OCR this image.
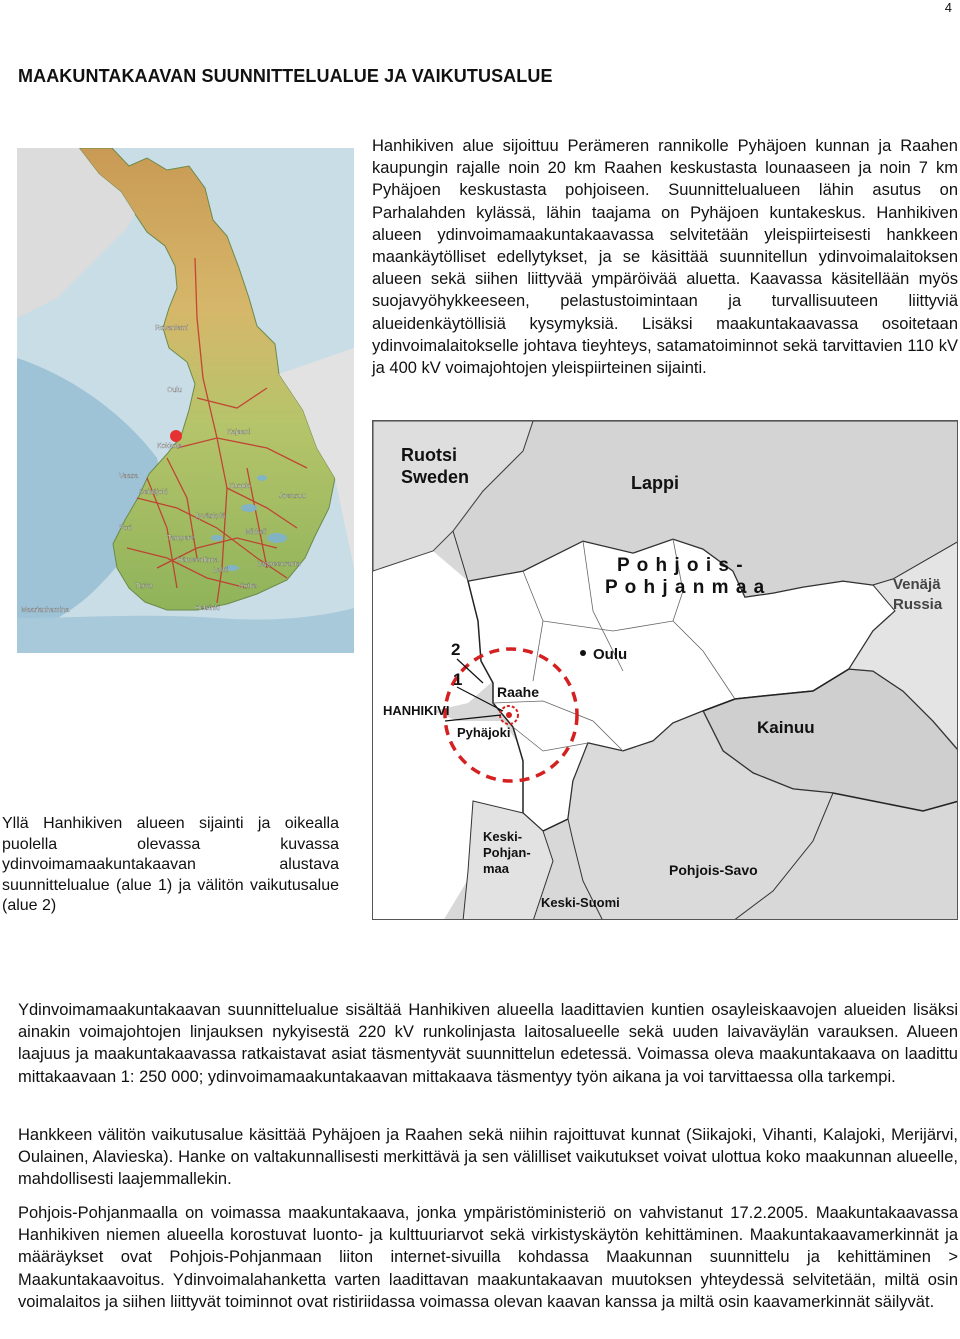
4
MAAKUNTAKAAVAN SUUNNITTELUALUE JA VAIKUTUSALUE

Hanhikiven alue sijoittuu Perämeren rannikolle Pyhäjoen kunnan ja Raahen kaupungin rajalle noin 20 km Raahen keskustasta lounaaseen ja noin 7 km Pyhäjoen keskustasta pohjoiseen. Suunnittelualueen lähin asutus on Parhalahden kylässä, lähin taajama on Pyhäjoen kuntakeskus. Hanhikiven alueen ydinvoimamaakuntakaavassa selvitetään yleispiirteisesti hankkeen maankäytölliset edellytykset, ja se käsittää suunnitellun ydinvoimalaitoksen alueen sekä siihen liittyvää ympäröivää aluetta. Kaavassa käsitellään myös suojavyöhykkeeseen, pelastustoimintaan ja turvallisuuteen liittyviä alueidenkäytöllisiä kysymyksiä. Lisäksi maakuntakaavassa osoitetaan ydinvoimalaitokselle johtava tieyhteys, satamatoiminnot sekä tarvittavien 110 kV ja 400 kV voimajohtojen yleispiirteinen sijainti.

Rovaniemi
Oulu
Kajaani
Kokkola
Vaasa
Kuopio
Seinäjoki
Jyväskylä
Joensuu
Mikkeli
Pori
Tampere
Turku
Lahti
Lappeenranta
Kotka
Hämeenlinna
Helsinki
Maarianhamina
Ruotsi
Sweden	Lappi
P o h j o i s -
P o h j a n m a a	Venäjä
Russia
2
1
Oulu
Raahe
HANHIKIVI
Pyhäjoki	Kainuu
Keski-
Pohjan-
maa	Pohjois-Savo
Keski-Suomi

Yllä Hanhikiven alueen sijainti ja oikealla puolella olevassa kuvassa ydinvoimamaakuntakaavan alustava suunnittelualue (alue 1) ja välitön vaikutusalue (alue 2)

Ydinvoimamaakuntakaavan suunnittelualue sisältää Hanhikiven alueella laadittavien kuntien osayleiskaavojen alueiden lisäksi ainakin voimajohtojen linjauksen nykyisestä 220 kV runkolinjasta laitosalueelle sekä uuden laivaväylän varauksen. Alueen laajuus ja maakuntakaavassa ratkaistavat asiat täsmentyvät suunnittelun edetessä. Voimassa oleva maakuntakaava on laadittu mittakaavaan 1: 250 000; ydinvoimamaakuntakaavan mittakaava täsmentyy työn aikana ja voi tarvittaessa olla tarkempi.

Hankkeen välitön vaikutusalue käsittää Pyhäjoen ja Raahen sekä niihin rajoittuvat kunnat (Siikajoki, Vihanti, Kalajoki, Merijärvi, Oulainen, Alavieska). Hanke on valtakunnallisesti merkittävä ja sen välilliset vaikutukset voivat ulottua koko maakunnan alueelle, mahdollisesti laajemmallekin.

Pohjois-Pohjanmaalla on voimassa maakuntakaava, jonka ympäristöministeriö on vahvistanut 17.2.2005. Maakuntakaavassa Hanhikiven niemen alueella korostuvat luonto- ja kulttuuriarvot sekä virkistyskäytön kehittäminen. Maakuntakaavamerkinnät ja määräykset ovat Pohjois-Pohjanmaan liiton internet-sivuilla kohdassa Maakunnan suunnittelu ja kehittäminen > Maakuntakaavoitus. Ydinvoimalahanketta varten laadittavan maakuntakaavan muutoksen yhteydessä selvitetään, miltä osin voimalaitos ja siihen liittyvät toiminnot ovat ristiriidassa voimassa olevan kaavan kanssa ja miltä osin kaavamerkinnät säilyvät.
